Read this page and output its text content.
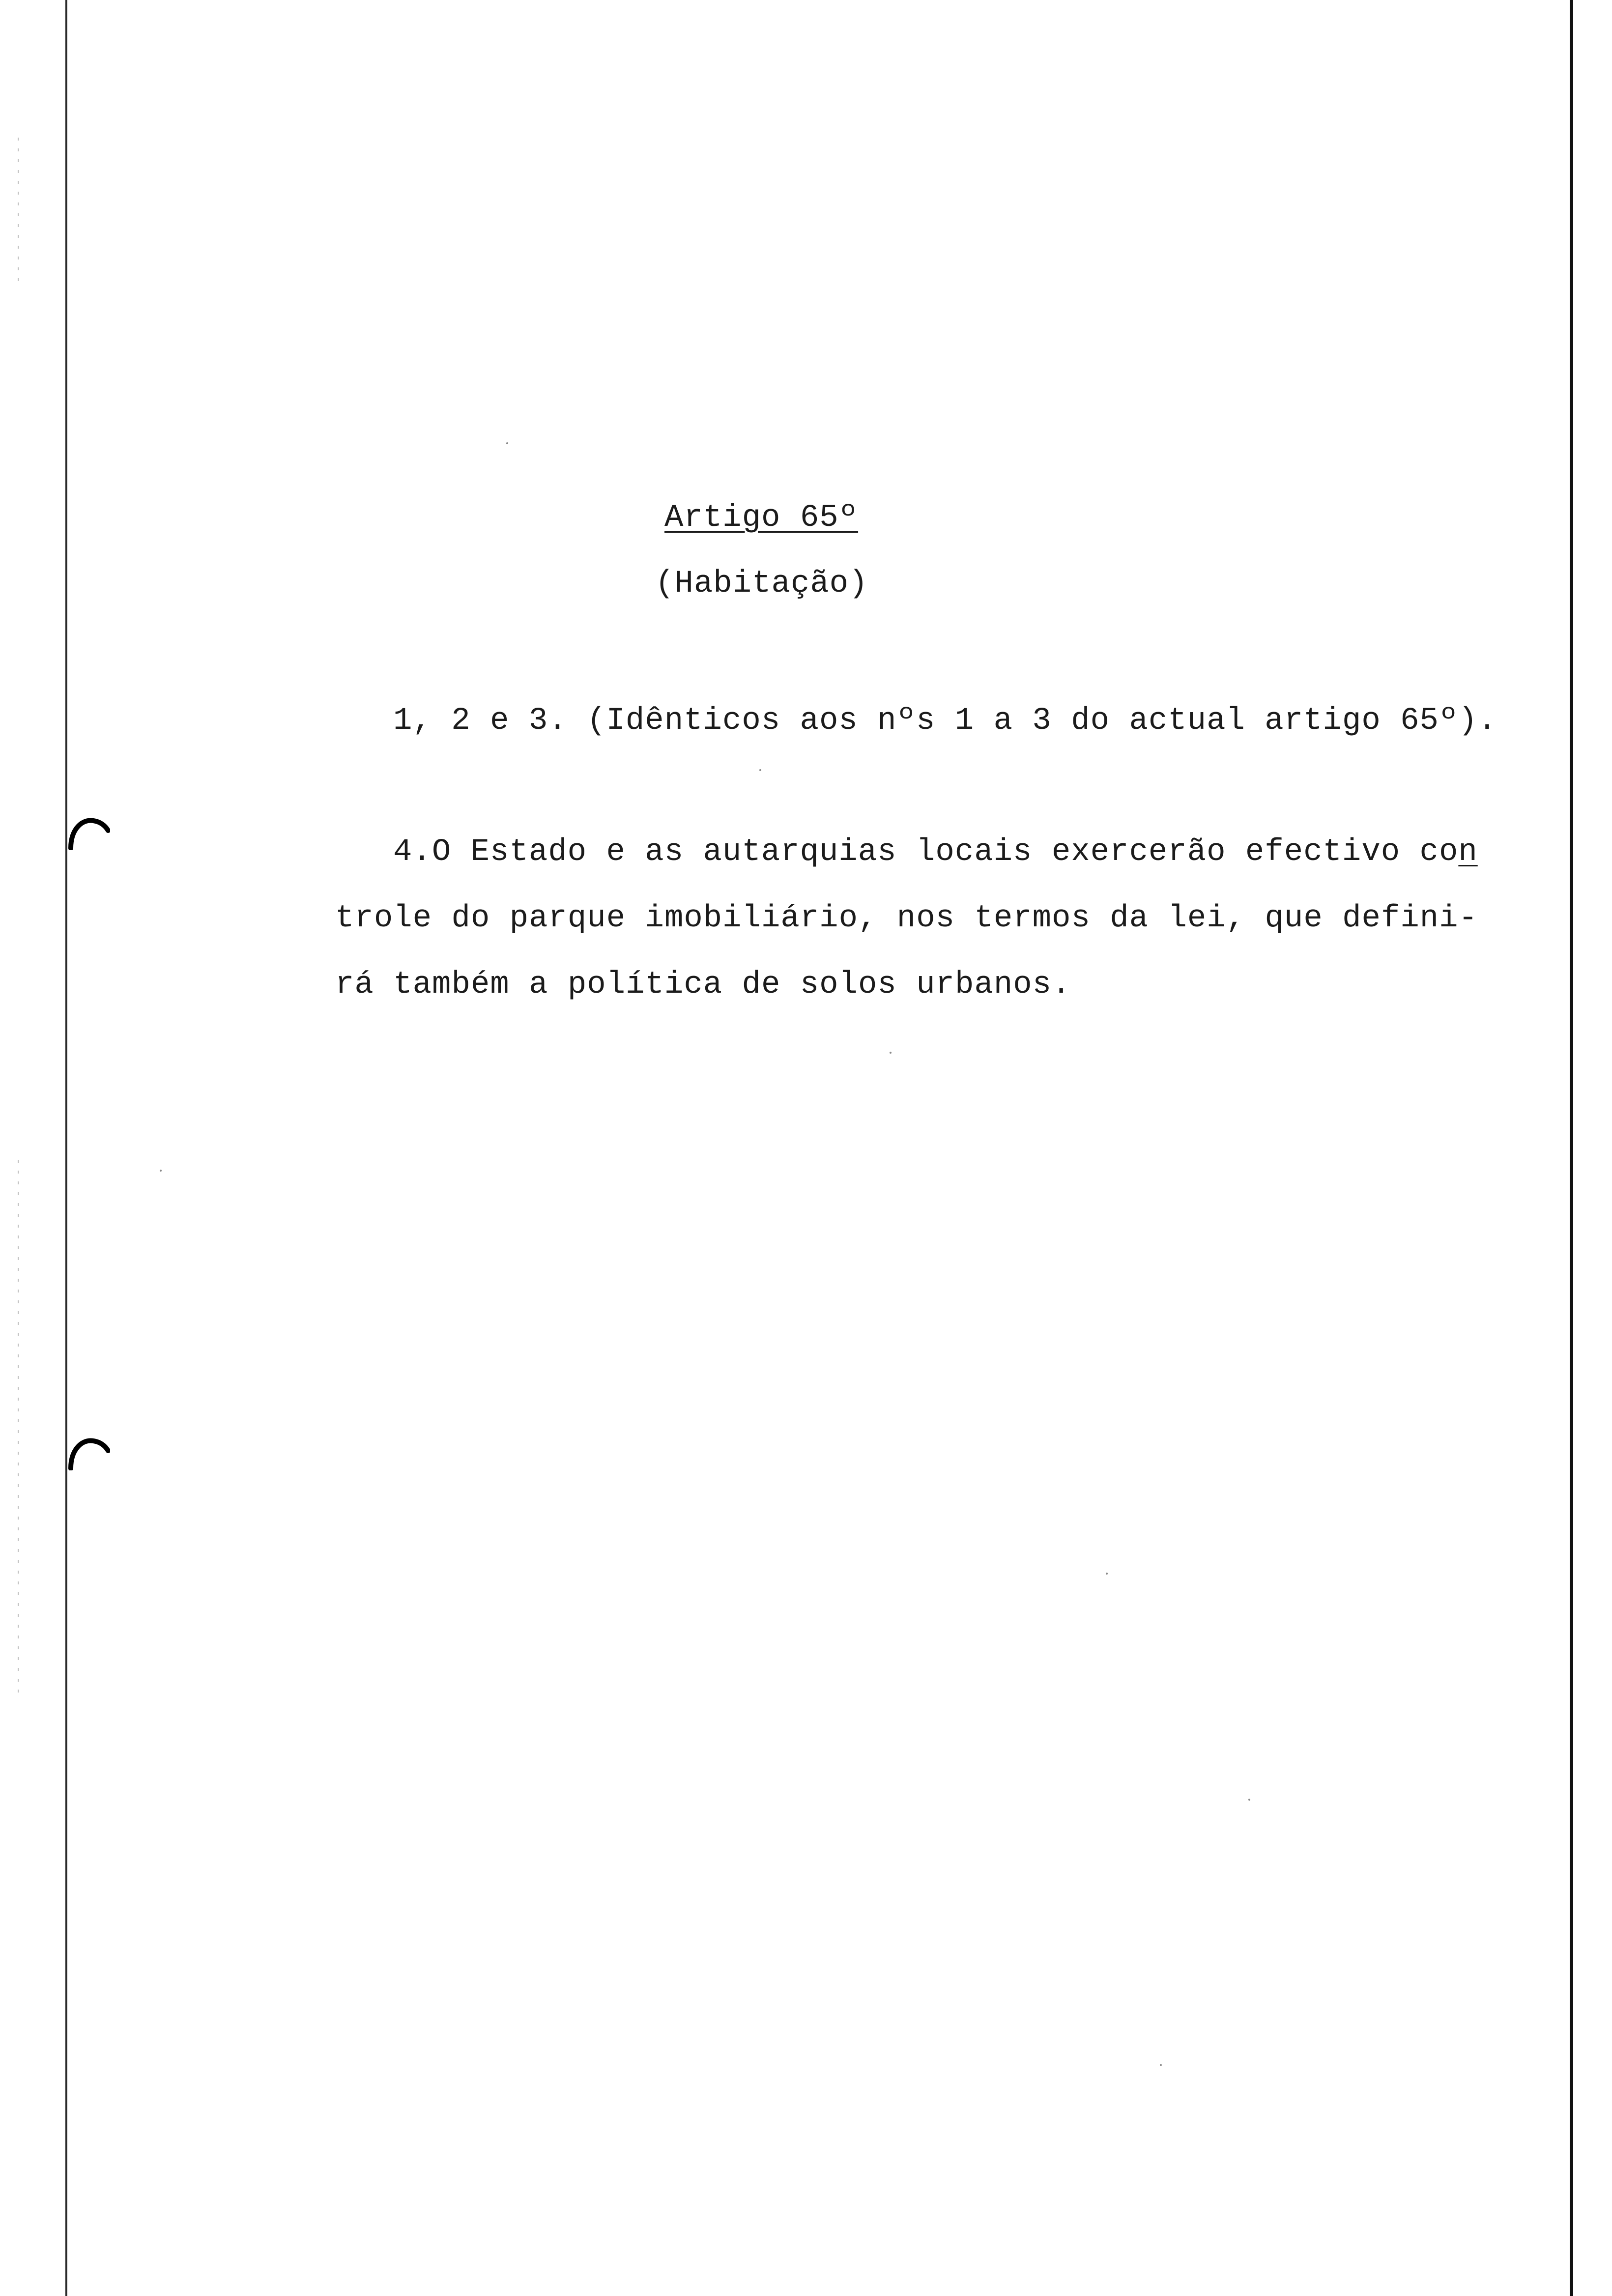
Artigo 65º
(Habitação)
1, 2 e 3. (Idênticos aos nºs 1 a 3 do actual artigo 65º).
4.O Estado e as autarquias locais exercerão efectivo con
trole do parque imobiliário, nos termos da lei, que defini-
rá também a política de solos urbanos.
